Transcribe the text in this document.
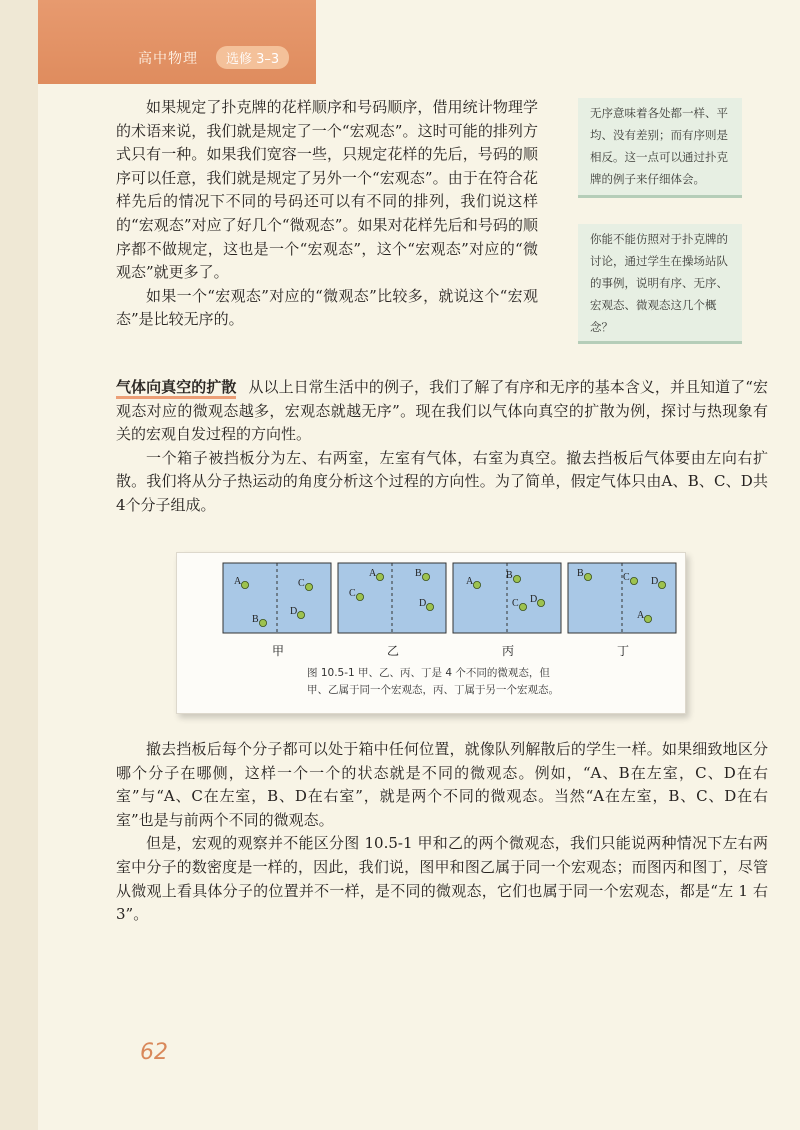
高中物理	选修 3–3

如果规定了扑克牌的花样顺序和号码顺序，借用统计物理学的术语来说，我们就是规定了一个“宏观态”。这时可能的排列方式只有一种。如果我们宽容一些，只规定花样的先后，号码的顺序可以任意，我们就是规定了另外一个“宏观态”。由于在符合花样先后的情况下不同的号码还可以有不同的排列，我们说这样的“宏观态”对应了好几个“微观态”。如果对花样先后和号码的顺序都不做规定，这也是一个“宏观态”，这个“宏观态”对应的“微观态”就更多了。

如果一个“宏观态”对应的“微观态”比较多，就说这个“宏观态”是比较无序的。

无序意味着各处都一样、平均、没有差别；而有序则是相反。这一点可以通过扑克牌的例子来仔细体会。
你能不能仿照对于扑克牌的讨论，通过学生在操场站队的事例，说明有序、无序、宏观态、微观态这几个概念？

气体向真空的扩散 从以上日常生活中的例子，我们了解了有序和无序的基本含义，并且知道了“宏观态对应的微观态越多，宏观态就越无序”。现在我们以气体向真空的扩散为例，探讨与热现象有关的宏观自发过程的方向性。

一个箱子被挡板分为左、右两室，左室有气体，右室为真空。撤去挡板后气体要由左向右扩散。我们将从分子热运动的角度分析这个过程的方向性。为了简单，假定气体只由A、B、C、D共4个分子组成。

A
B
C
D
甲
A
C
B
D
乙
A
B
C D
丙
B	C D
A
丁
图 10.5-1 甲、乙、丙、丁是 4 个不同的微观态，但
甲、乙属于同一个宏观态，丙、丁属于另一个宏观态。

撤去挡板后每个分子都可以处于箱中任何位置，就像队列解散后的学生一样。如果细致地区分哪个分子在哪侧，这样一个一个的状态就是不同的微观态。例如，“A、B在左室，C、D在右室”与“A、C在左室，B、D在右室”，就是两个不同的微观态。当然“A在左室，B、C、D在右室”也是与前两个不同的微观态。

但是，宏观的观察并不能区分图 10.5-1 甲和乙的两个微观态，我们只能说两种情况下左右两室中分子的数密度是一样的，因此，我们说，图甲和图乙属于同一个宏观态；而图丙和图丁，尽管从微观上看具体分子的位置并不一样，是不同的微观态，它们也属于同一个宏观态，都是“左 1 右 3”。

62
